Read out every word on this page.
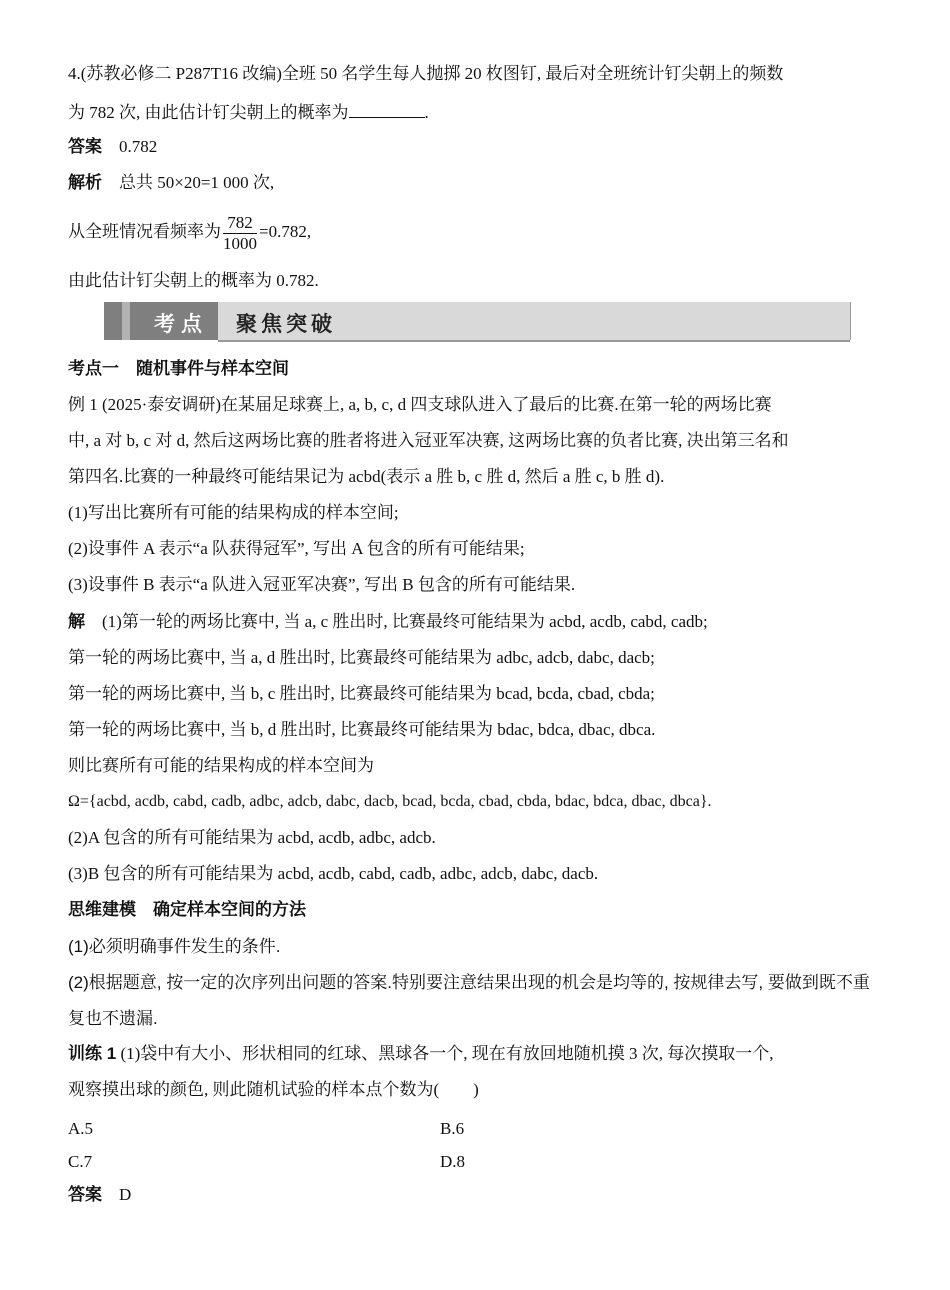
4.(苏教必修二 P287T16 改编)全班 50 名学生每人抛掷 20 枚图钉, 最后对全班统计钉尖朝上的频数
为 782 次, 由此估计钉尖朝上的概率为	.
答案 0.782
解析 总共 50×20=1 000 次,
从全班情况看频率为 $\frac{782}{1000} =0.782$,
由此估计钉尖朝上的概率为 0.782.
考点 聚焦突破
考点一　随机事件与样本空间
例 1 (2025·泰安调研)在某届足球赛上, a, b, c, d 四支球队进入了最后的比赛.在第一轮的两场比赛
中, a 对 b, c 对 d, 然后这两场比赛的胜者将进入冠亚军决赛, 这两场比赛的负者比赛, 决出第三名和
第四名.比赛的一种最终可能结果记为 acbd(表示 a 胜 b, c 胜 d, 然后 a 胜 c, b 胜 d).
(1)写出比赛所有可能的结果构成的样本空间;
(2)设事件 A 表示“a 队获得冠军”, 写出 A 包含的所有可能结果;
(3)设事件 B 表示“a 队进入冠亚军决赛”, 写出 B 包含的所有可能结果.
解 (1)第一轮的两场比赛中, 当 a, c 胜出时, 比赛最终可能结果为 acbd, acdb, cabd, cadb;
第一轮的两场比赛中, 当 a, d 胜出时, 比赛最终可能结果为 adbc, adcb, dabc, dacb;
第一轮的两场比赛中, 当 b, c 胜出时, 比赛最终可能结果为 bcad, bcda, cbad, cbda;
第一轮的两场比赛中, 当 b, d 胜出时, 比赛最终可能结果为 bdac, bdca, dbac, dbca.
则比赛所有可能的结果构成的样本空间为
Ω={acbd, acdb, cabd, cadb, adbc, adcb, dabc, dacb, bcad, bcda, cbad, cbda, bdac, bdca, dbac, dbca}.
(2)A 包含的所有可能结果为 acbd, acdb, adbc, adcb.
(3)B 包含的所有可能结果为 acbd, acdb, cabd, cadb, adbc, adcb, dabc, dacb.
思维建模　确定样本空间的方法
(1)必须明确事件发生的条件.
(2)根据题意, 按一定的次序列出问题的答案.特别要注意结果出现的机会是均等的, 按规律去写, 要做到既不重复也不遗漏.
训练 1 (1)袋中有大小、形状相同的红球、黑球各一个, 现在有放回地随机摸 3 次, 每次摸取一个,
观察摸出球的颜色, 则此随机试验的样本点个数为(　　)
A.5	B.6
C.7	D.8
答案 D
